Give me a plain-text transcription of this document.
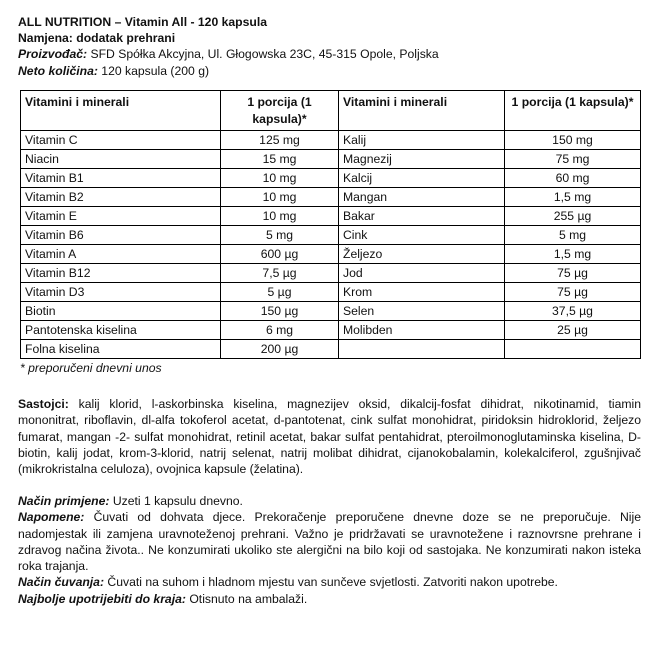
ALL NUTRITION – Vitamin All - 120 kapsula

Namjena: dodatak prehrani

Proizvođač: SFD Spółka Akcyjna, Ul. Głogowska 23C, 45-315 Opole, Poljska

Neto količina: 120 kapsula (200 g)

Vitamini i minerali	1 porcija (1 kapsula)*	Vitamini i minerali	1 porcija (1 kapsula)*
Vitamin C	125 mg	Kalij	150 mg
Niacin	15 mg	Magnezij	75 mg
Vitamin B1	10 mg	Kalcij	60 mg
Vitamin B2	10 mg	Mangan	1,5 mg
Vitamin E	10 mg	Bakar	255 µg
Vitamin B6	5 mg	Cink	5 mg
Vitamin A	600 µg	Željezo	1,5 mg
Vitamin B12	7,5 µg	Jod	75 µg
Vitamin D3	5 µg	Krom	75 µg
Biotin	150 µg	Selen	37,5 µg
Pantotenska kiselina	6 mg	Molibden	25 µg
Folna kiselina	200 µg		

* preporučeni dnevni unos

Sastojci: kalij klorid, l-askorbinska kiselina, magnezijev oksid, dikalcij-fosfat dihidrat, nikotinamid, tiamin mononitrat, riboflavin, dl-alfa tokoferol acetat, d-pantotenat, cink sulfat monohidrat, piridoksin hidroklorid, željezo fumarat, mangan -2- sulfat monohidrat, retinil acetat, bakar sulfat pentahidrat, pteroilmonoglutaminska kiselina, D-biotin, kalij jodat, krom-3-klorid, natrij selenat, natrij molibat dihidrat, cijanokobalamin, kolekalciferol, zgušnjivač (mikrokristalna celuloza), ovojnica kapsule (želatina).

Način primjene: Uzeti 1 kapsulu dnevno.

Napomene: Čuvati od dohvata djece. Prekoračenje preporučene dnevne doze se ne preporučuje. Nije nadomjestak ili zamjena uravnoteženoj prehrani. Važno je pridržavati se uravnotežene i raznovrsne prehrane i zdravog načina života.. Ne konzumirati ukoliko ste alergični na bilo koji od sastojaka. Ne konzumirati nakon isteka roka trajanja.

Način čuvanja: Čuvati na suhom i hladnom mjestu van sunčeve svjetlosti. Zatvoriti nakon upotrebe.

Najbolje upotrijebiti do kraja: Otisnuto na ambalaži.
